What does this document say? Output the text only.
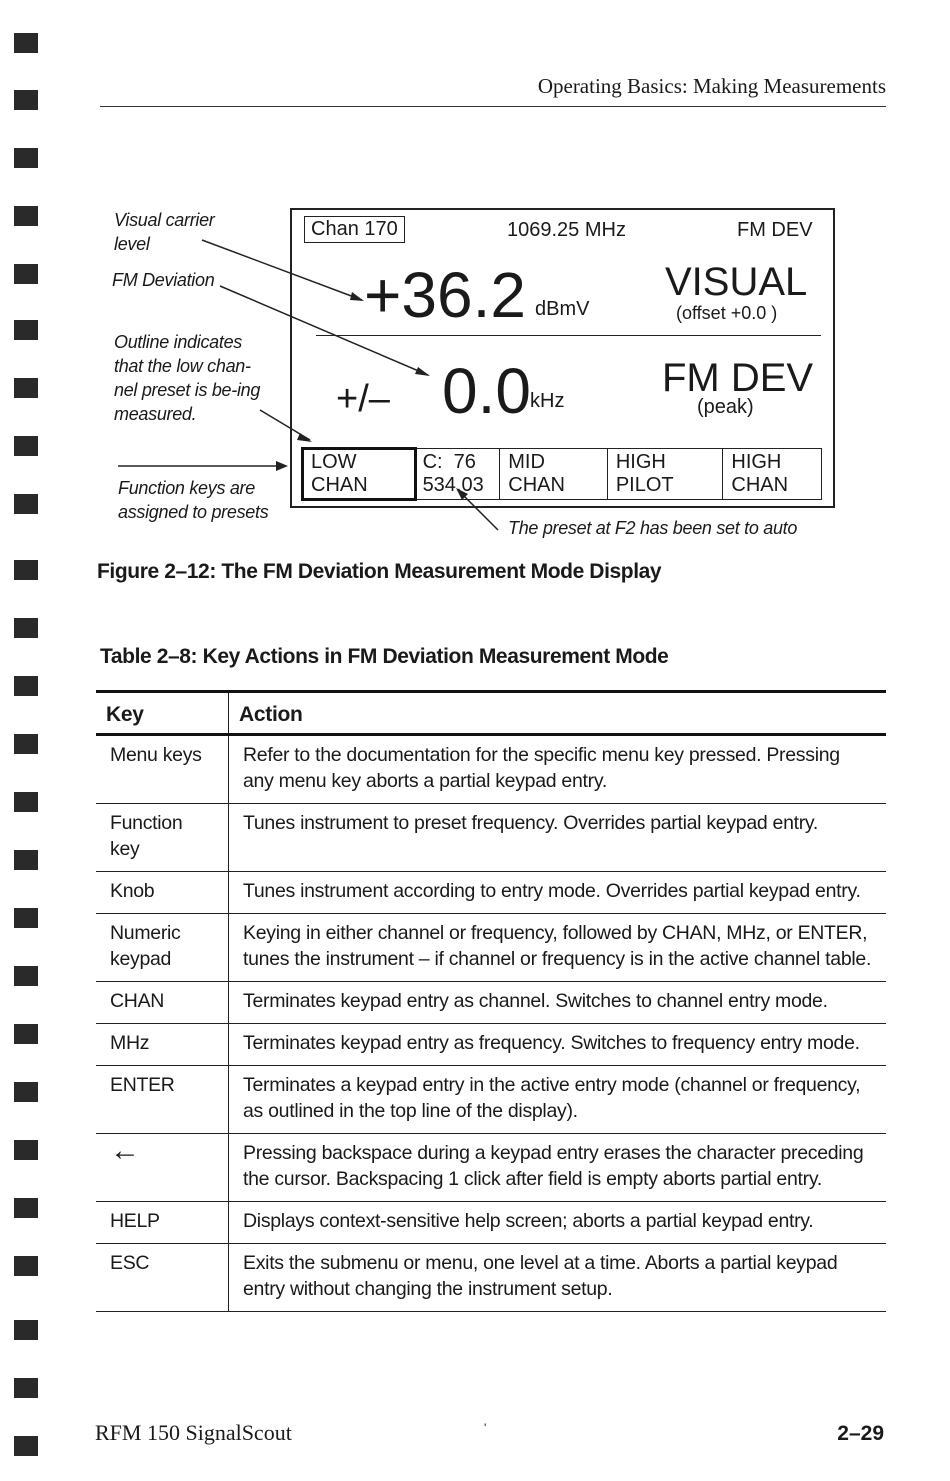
Operating Basics: Making Measurements
Visual carrier level
FM Deviation
Outline indicates that the low chan-nel preset is be-ing measured.
Function keys are assigned to presets
The preset at F2 has been set to auto
Chan 170	1069.25 MHz	FM DEV
+36.2 dBmV
VISUAL
(offset +0.0 )
+/– 0.0 kHz
FM DEV
(peak)
LOW
CHAN
C:  76
534.03
MID
CHAN
HIGH
PILOT
HIGH
CHAN
Figure 2–12: The FM Deviation Measurement Mode Display
Table 2–8: Key Actions in FM Deviation Measurement Mode
Key	Action
Menu keys	Refer to the documentation for the specific menu key pressed. Pressing any menu key aborts a partial keypad entry.
Function key	Tunes instrument to preset frequency. Overrides partial keypad entry.
Knob	Tunes instrument according to entry mode. Overrides partial keypad entry.
Numeric keypad	Keying in either channel or frequency, followed by CHAN, MHz, or ENTER, tunes the instrument – if channel or frequency is in the active channel table.
CHAN	Terminates keypad entry as channel. Switches to channel entry mode.
MHz	Terminates keypad entry as frequency. Switches to frequency entry mode.
ENTER	Terminates a keypad entry in the active entry mode (channel or frequency, as outlined in the top line of the display).
←	Pressing backspace during a keypad entry erases the character preceding the cursor. Backspacing 1 click after field is empty aborts partial entry.
HELP	Displays context-sensitive help screen; aborts a partial keypad entry.
ESC	Exits the submenu or menu, one level at a time. Aborts a partial keypad entry without changing the instrument setup.
RFM 150 SignalScout	'	2–29
